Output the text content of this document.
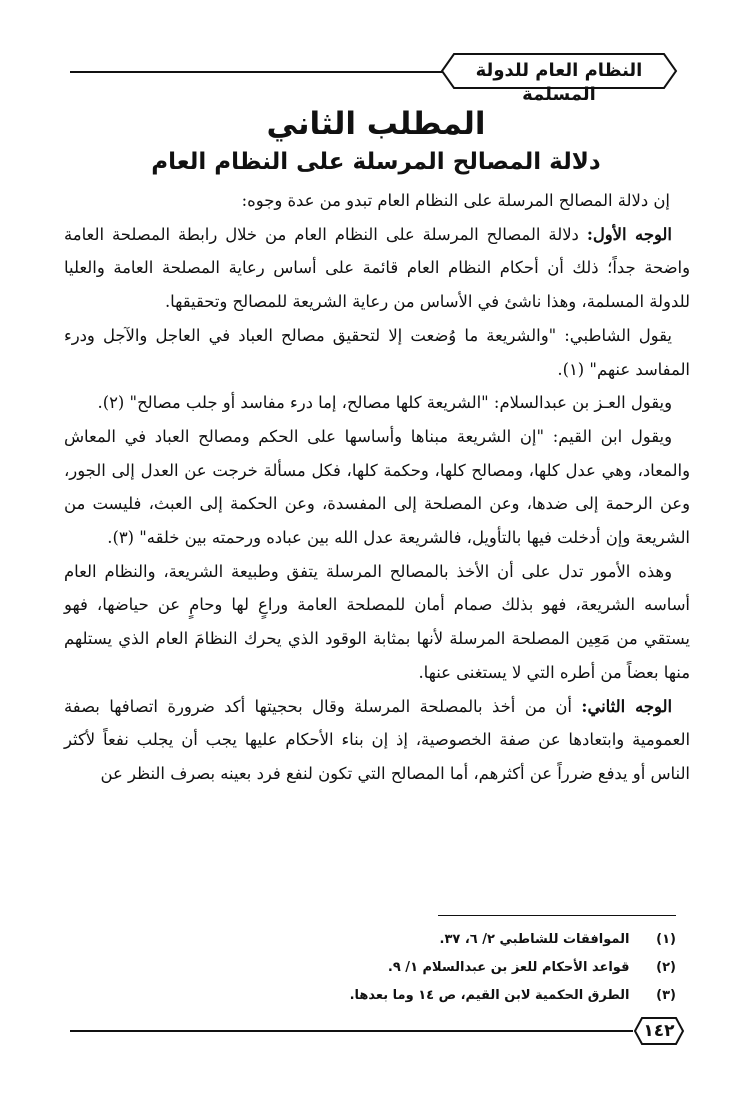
النظام العام للدولة المسلمة
المطلب الثاني
دلالة المصالح المرسلة على النظام العام

إن دلالة المصالح المرسلة على النظام العام تبدو من عدة وجوه:

الوجه الأول: دلالة المصالح المرسلة على النظام العام من خلال رابطة المصلحة العامة واضحة جداً؛ ذلك أن أحكام النظام العام قائمة على أساس رعاية المصلحة العامة والعليا للدولة المسلمة، وهذا ناشئ في الأساس من رعاية الشريعة للمصالح وتحقيقها.

يقول الشاطبي: "والشريعة ما وُضعت إلا لتحقيق مصالح العباد في العاجل والآجل ودرء المفاسد عنهم" (١).

ويقول العـز بن عبدالسلام: "الشريعة كلها مصالح، إما درء مفاسد أو جلب مصالح" (٢).

ويقول ابن القيم: "إن الشريعة مبناها وأساسها على الحكم ومصالح العباد في المعاش والمعاد، وهي عدل كلها، ومصالح كلها، وحكمة كلها، فكل مسألة خرجت عن العدل إلى الجور، وعن الرحمة إلى ضدها، وعن المصلحة إلى المفسدة، وعن الحكمة إلى العبث، فليست من الشريعة وإن أدخلت فيها بالتأويل، فالشريعة عدل الله بين عباده ورحمته بين خلقه" (٣).

وهذه الأمور تدل على أن الأخذ بالمصالح المرسلة يتفق وطبيعة الشريعة، والنظام العام أساسه الشريعة، فهو بذلك صمام أمان للمصلحة العامة وراعٍ لها وحامٍ عن حياضها، فهو يستقي من مَعِين المصلحة المرسلة لأنها بمثابة الوقود الذي يحرك النظامَ العام الذي يستلهم منها بعضاً من أطره التي لا يستغنى عنها.

الوجه الثاني: أن من أخذ بالمصلحة المرسلة وقال بحجيتها أكد ضرورة اتصافها بصفة العمومية وابتعادها عن صفة الخصوصية، إذ إن بناء الأحكام عليها يجب أن يجلب نفعاً لأكثر الناس أو يدفع ضرراً عن أكثرهم، أما المصالح التي تكون لنفع فرد بعينه بصرف النظر عن

(١) الموافقات للشاطبي ٢/ ٦، ٣٧.
(٢) قواعد الأحكام للعز بن عبدالسلام ١/ ٩.
(٣) الطرق الحكمية لابن القيم، ص ١٤ وما بعدها.
١٤٢
